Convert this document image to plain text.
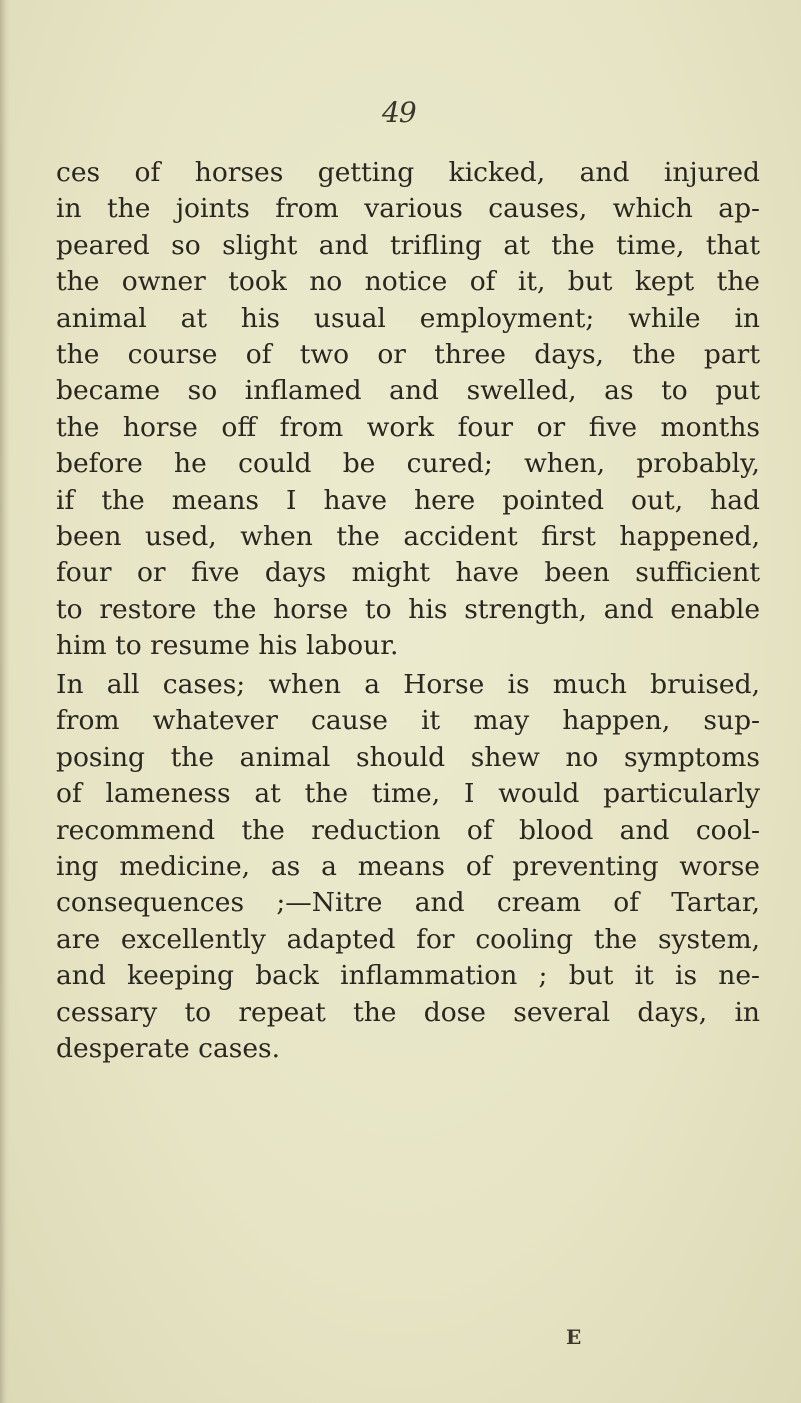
49
ces of horses getting kicked, and injured
in the joints from various causes, which ap-
peared so slight and trifling at the time, that
the owner took no notice of it, but kept the
animal at his usual employment; while in
the course of two or three days, the part
became so inflamed and swelled, as to put
the horse off from work four or five months
before he could be cured; when, probably,
if the means I have here pointed out, had
been used, when the accident first happened,
four or five days might have been sufficient
to restore the horse to his strength, and enable
him to resume his labour.
In all cases; when a Horse is much bruised,
from whatever cause it may happen, sup-
posing the animal should shew no symptoms
of lameness at the time, I would particularly
recommend the reduction of blood and cool-
ing medicine, as a means of preventing worse
consequences ;—Nitre and cream of Tartar,
are excellently adapted for cooling the system,
and keeping back inflammation ; but it is ne-
cessary to repeat the dose several days, in
desperate cases.
E
